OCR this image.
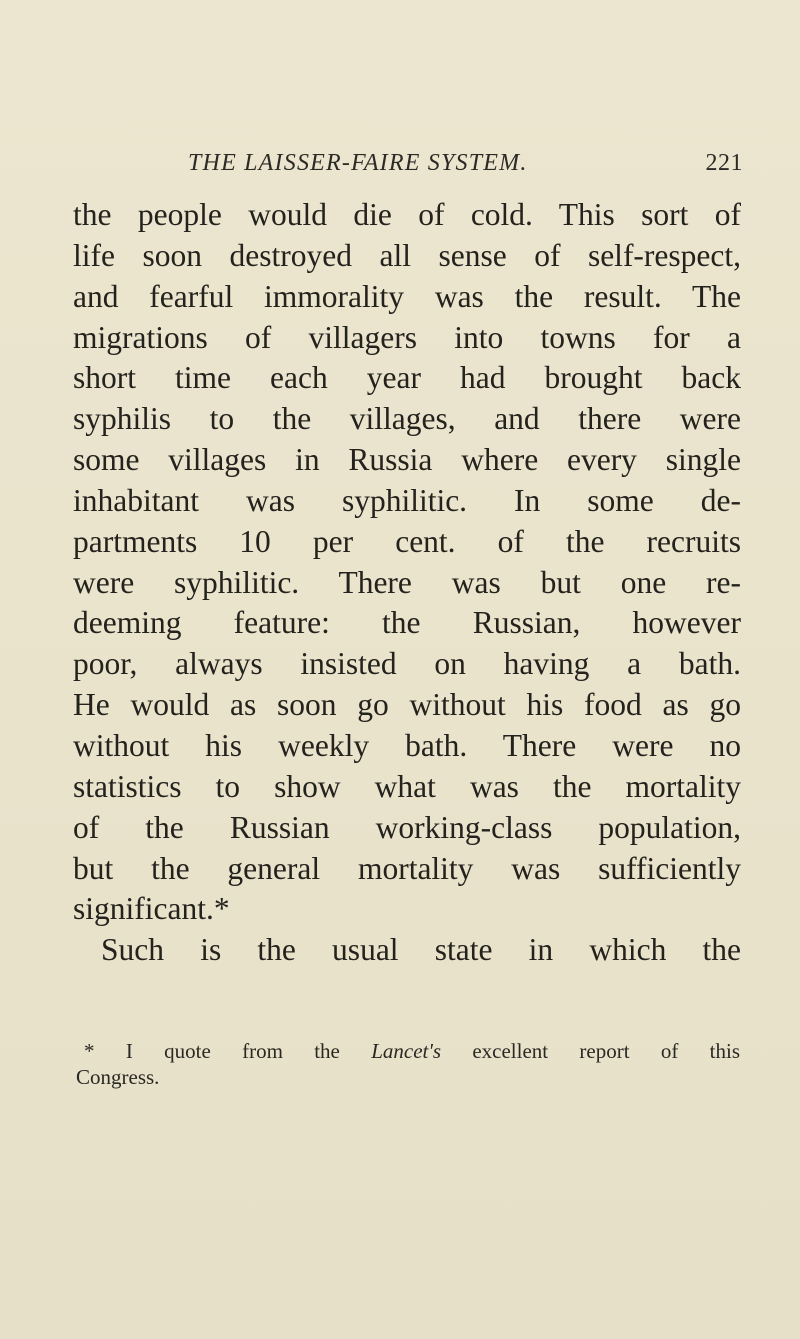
THE LAISSER-FAIRE SYSTEM.	221
the people would die of cold. This sort of
life soon destroyed all sense of self-respect,
and fearful immorality was the result. The
migrations of villagers into towns for a
short time each year had brought back
syphilis to the villages, and there were
some villages in Russia where every single
inhabitant was syphilitic. In some de-
partments 10 per cent. of the recruits
were syphilitic. There was but one re-
deeming feature: the Russian, however
poor, always insisted on having a bath.
He would as soon go without his food as go
without his weekly bath. There were no
statistics to show what was the mortality
of the Russian working-class population,
but the general mortality was sufficiently
significant.*
Such is the usual state in which the
* I quote from the Lancet's excellent report of this
Congress.
